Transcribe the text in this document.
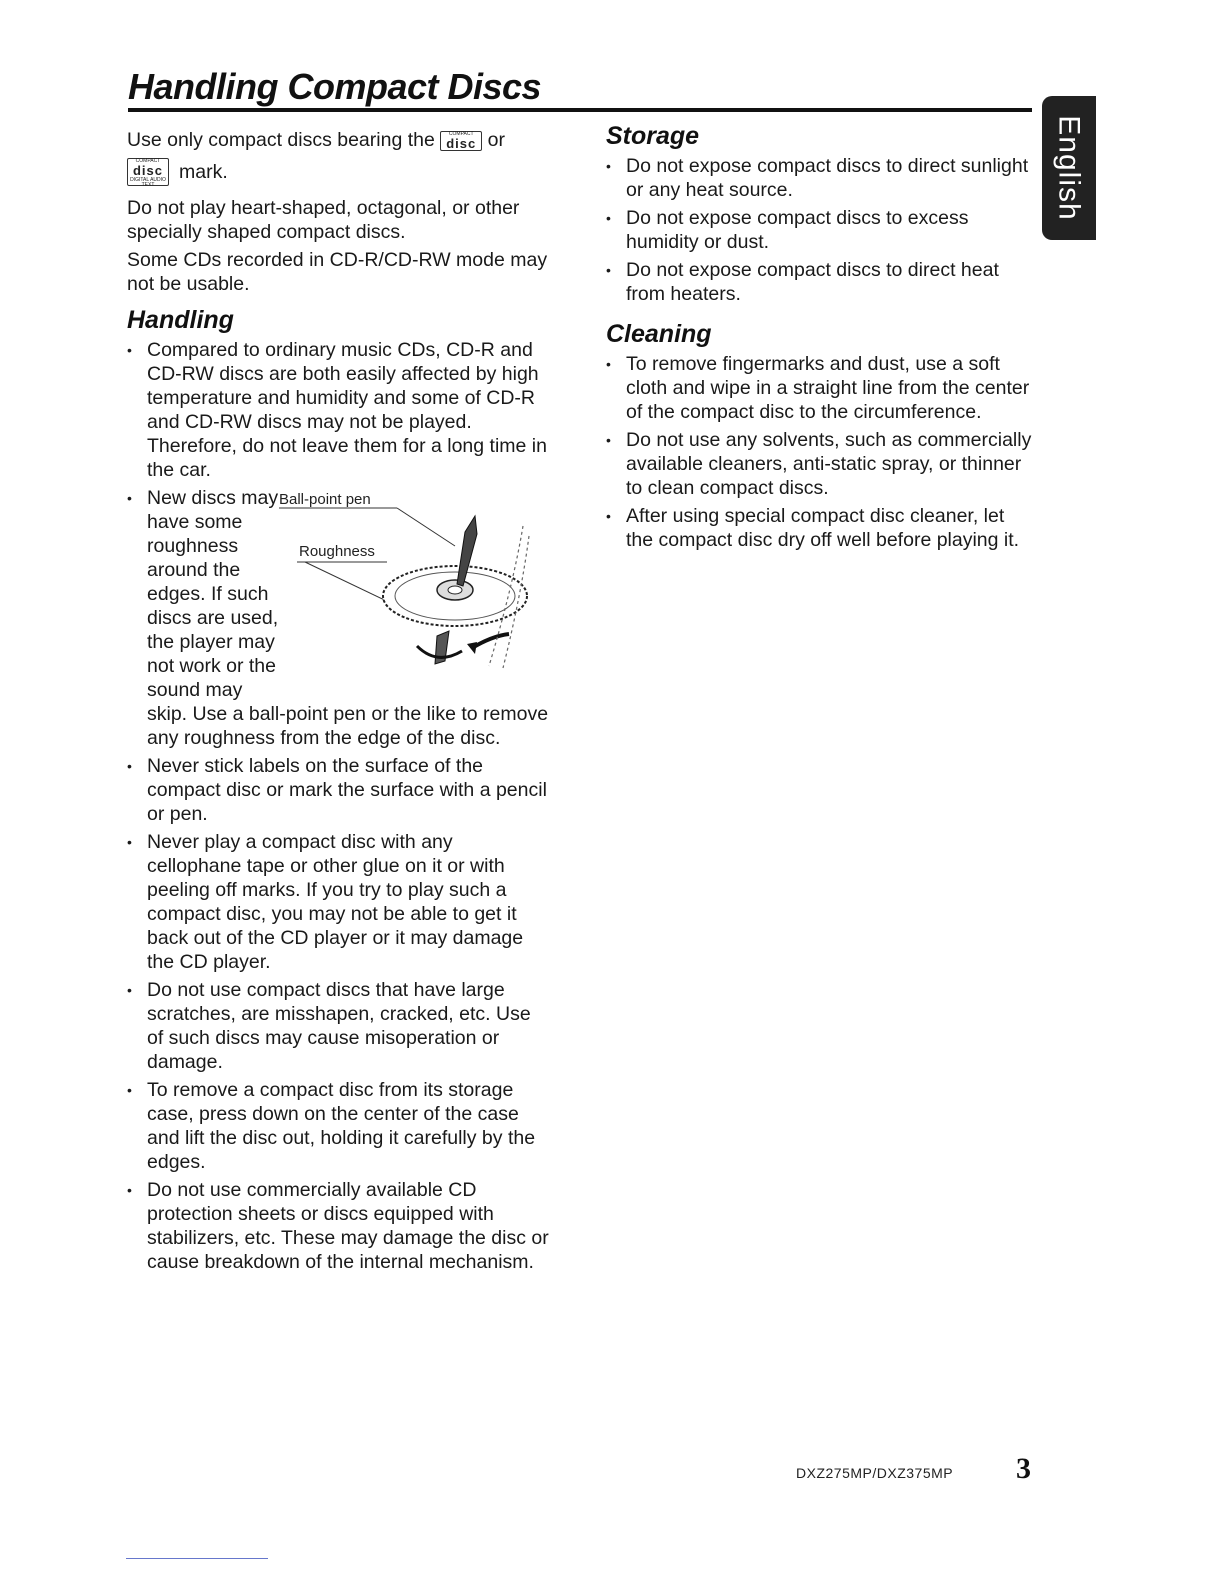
Handling Compact Discs
English

Use only compact discs bearing the	COMPACT
disc or

COMPACT
disc
DIGITAL AUDIO TEXT
mark.

Do not play heart-shaped, octagonal, or other specially shaped compact discs.

Some CDs recorded in CD-R/CD-RW mode may not be usable.

Handling
• Compared to ordinary music CDs, CD-R and CD-RW discs are both easily affected by high temperature and humidity and some of CD-R and CD-RW discs may not be played. Therefore, do not leave them for a long time in the car.
• New discs may have some roughness around the edges. If such discs are used, the player may not work or the sound may
skip. Use a ball-point pen or the like to remove any roughness from the edge of the disc.
Ball-point pen
Roughness
• Never stick labels on the surface of the compact disc or mark the surface with a pencil or pen.
• Never play a compact disc with any cellophane tape or other glue on it or with peeling off marks. If you try to play such a compact disc, you may not be able to get it back out of the CD player or it may damage the CD player.
• Do not use compact discs that have large scratches, are misshapen, cracked, etc. Use of such discs may cause misoperation or damage.
• To remove a compact disc from its storage case, press down on the center of the case and lift the disc out, holding it carefully by the edges.
• Do not use commercially available CD protection sheets or discs equipped with stabilizers, etc. These may damage the disc or cause breakdown of the internal mechanism.
Storage
• Do not expose compact discs to direct sunlight or any heat source.
• Do not expose compact discs to excess humidity or dust.
• Do not expose compact discs to direct heat from heaters.
Cleaning
• To remove fingermarks and dust, use a soft cloth and wipe in a straight line from the center of the compact disc to the circumference.
• Do not use any solvents, such as commercially available cleaners, anti-static spray, or thinner to clean compact discs.
• After using special compact disc cleaner, let the compact disc dry off well before playing it.
DXZ275MP/DXZ375MP 3
